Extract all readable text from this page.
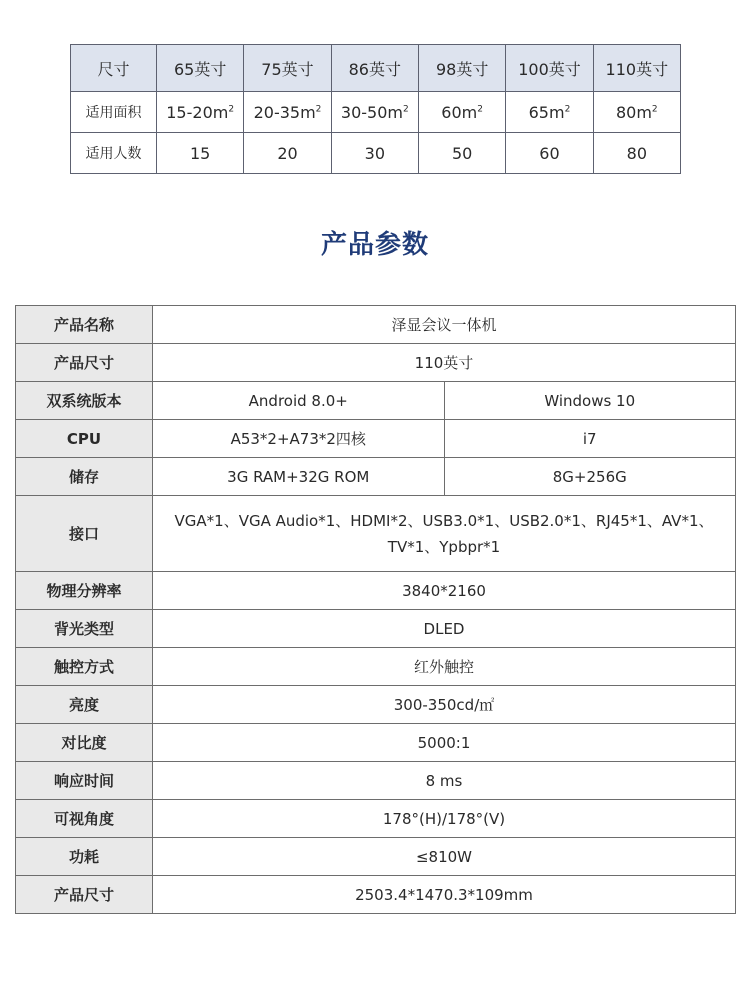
尺寸	65英寸	75英寸	86英寸	98英寸	100英寸	110英寸
适用面积	$15-20m^2$	$20-35m^2$	$30-50m^2$	$60m^2$	$65m^2$	$80m^2$
适用人数	15	20	30	50	60	80
产品参数
产品名称	泽显会议一体机	
产品尺寸	110英寸	
双系统版本	Android 8.0+	Windows 10
CPU	A53*2+A73*2四核	i7
储存	3G RAM+32G ROM	8G+256G
接口	VGA*1、VGA Audio*1、HDMI*2、USB3.0*1、USB2.0*1、RJ45*1、AV*1、
TV*1、Ypbpr*1	

物理分辨率	3840*2160	
背光类型	DLED	
触控方式	红外触控	
亮度	300-350cd/㎡	
对比度	5000:1	
响应时间	8 ms	
可视角度	178°(H)/178°(V)	
功耗	≤810W	
产品尺寸	2503.4*1470.3*109mm	
